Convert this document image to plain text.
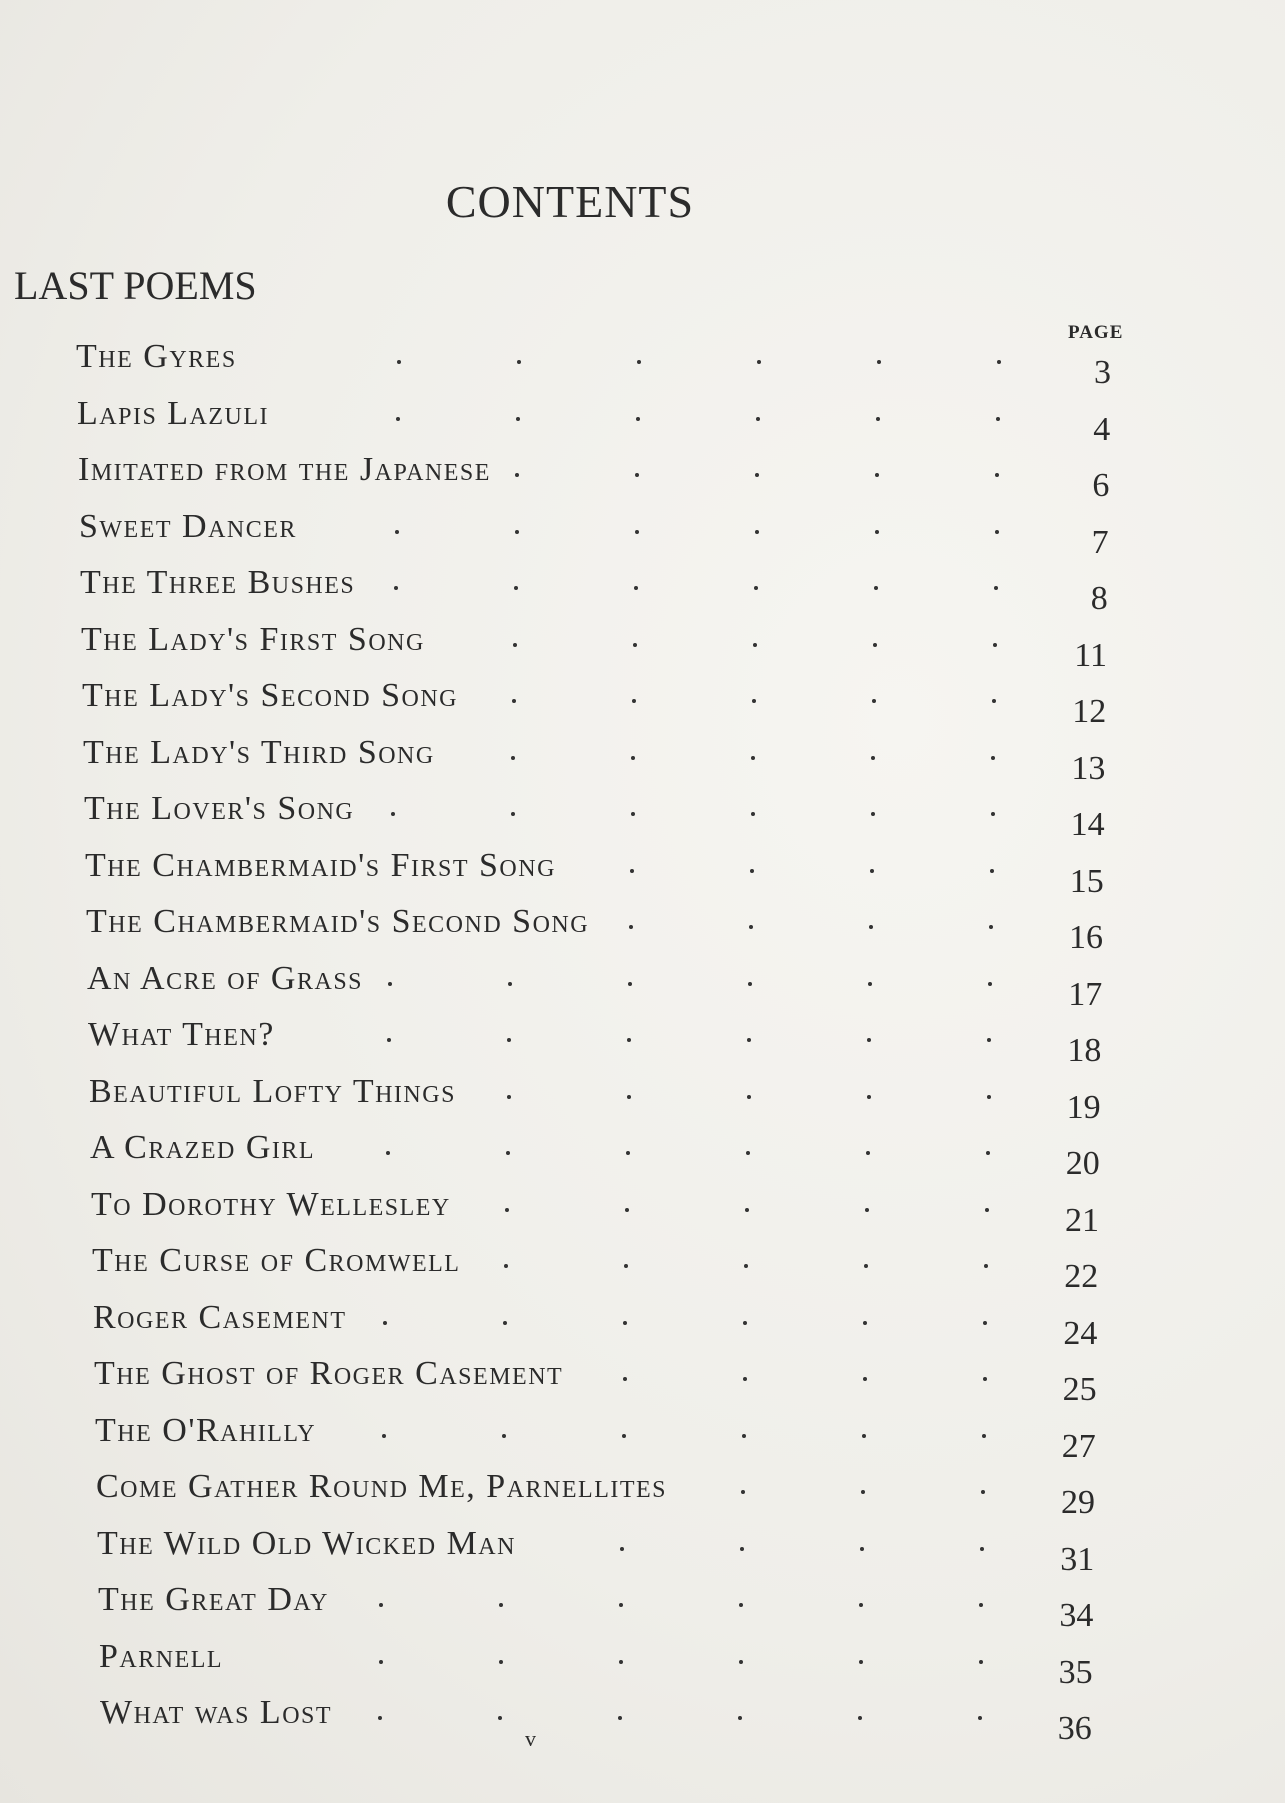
CONTENTS
LAST POEMS
PAGE
The Gyres	3
Lapis Lazuli	4
Imitated from the Japanese	6
Sweet Dancer	7
The Three Bushes	8
The Lady's First Song	11
The Lady's Second Song	12
The Lady's Third Song	13
The Lover's Song	14
The Chambermaid's First Song	15
The Chambermaid's Second Song	16
An Acre of Grass	17
What Then?	18
Beautiful Lofty Things	19
A Crazed Girl	20
To Dorothy Wellesley	21
The Curse of Cromwell	22
Roger Casement	24
The Ghost of Roger Casement	25
The O'Rahilly	27
Come Gather Round Me, Parnellites	29
The Wild Old Wicked Man	31
The Great Day	34
Parnell	35
What was Lost	36
v
